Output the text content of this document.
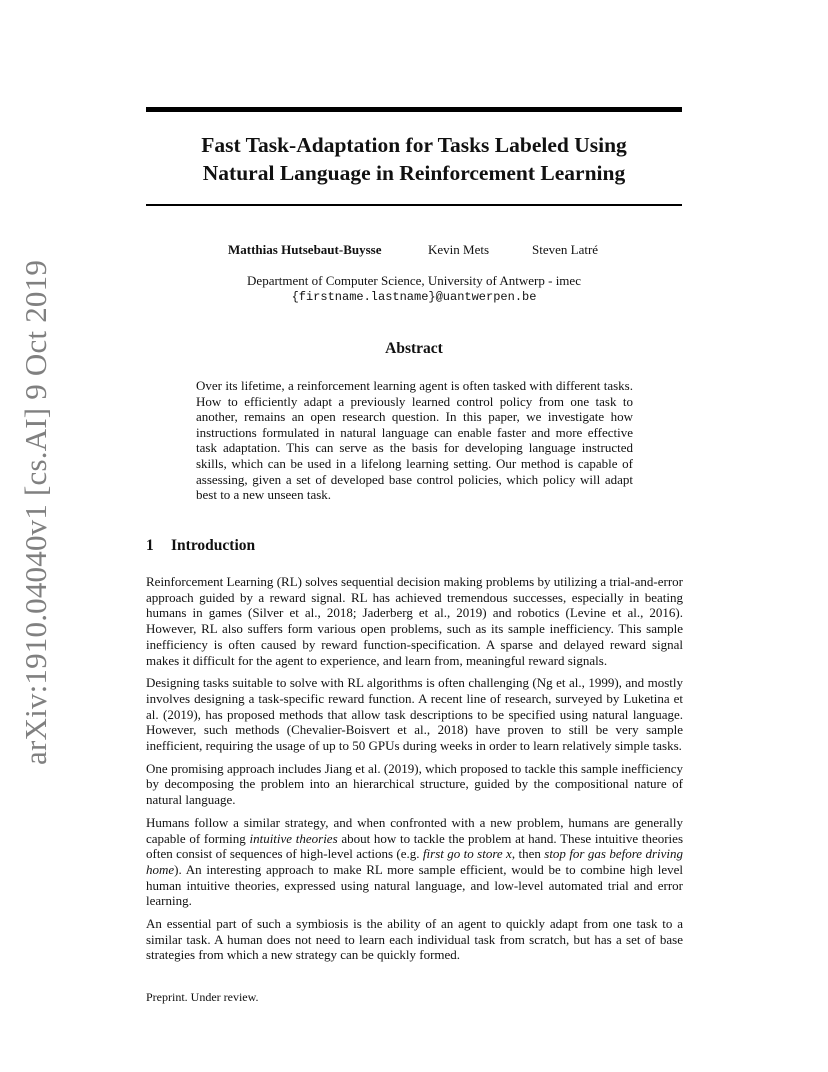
arXiv:1910.04040v1 [cs.AI] 9 Oct 2019
Fast Task-Adaptation for Tasks Labeled Using
Natural Language in Reinforcement Learning
Matthias Hutsebaut-Buysse	Kevin Mets	Steven Latré
Department of Computer Science, University of Antwerp - imec
{firstname.lastname}@uantwerpen.be
Abstract
Over its lifetime, a reinforcement learning agent is often tasked with different tasks. How to efficiently adapt a previously learned control policy from one task to another, remains an open research question. In this paper, we investigate how instructions formulated in natural language can enable faster and more effective task adaptation. This can serve as the basis for developing language instructed skills, which can be used in a lifelong learning setting. Our method is capable of assessing, given a set of developed base control policies, which policy will adapt best to a new unseen task.
1 Introduction

Reinforcement Learning (RL) solves sequential decision making problems by utilizing a trial-and-error approach guided by a reward signal. RL has achieved tremendous successes, especially in beating humans in games (Silver et al., 2018; Jaderberg et al., 2019) and robotics (Levine et al., 2016). However, RL also suffers form various open problems, such as its sample inefficiency. This sample inefficiency is often caused by reward function-specification. A sparse and delayed reward signal makes it difficult for the agent to experience, and learn from, meaningful reward signals.

Designing tasks suitable to solve with RL algorithms is often challenging (Ng et al., 1999), and mostly involves designing a task-specific reward function. A recent line of research, surveyed by Luketina et al. (2019), has proposed methods that allow task descriptions to be specified using natural language. However, such methods (Chevalier-Boisvert et al., 2018) have proven to still be very sample inefficient, requiring the usage of up to 50 GPUs during weeks in order to learn relatively simple tasks.

One promising approach includes Jiang et al. (2019), which proposed to tackle this sample inefficiency by decomposing the problem into an hierarchical structure, guided by the compositional nature of natural language.

Humans follow a similar strategy, and when confronted with a new problem, humans are generally capable of forming intuitive theories about how to tackle the problem at hand. These intuitive theories often consist of sequences of high-level actions (e.g. first go to store x, then stop for gas before driving home). An interesting approach to make RL more sample efficient, would be to combine high level human intuitive theories, expressed using natural language, and low-level automated trial and error learning.

An essential part of such a symbiosis is the ability of an agent to quickly adapt from one task to a similar task. A human does not need to learn each individual task from scratch, but has a set of base strategies from which a new strategy can be quickly formed.

Preprint. Under review.
